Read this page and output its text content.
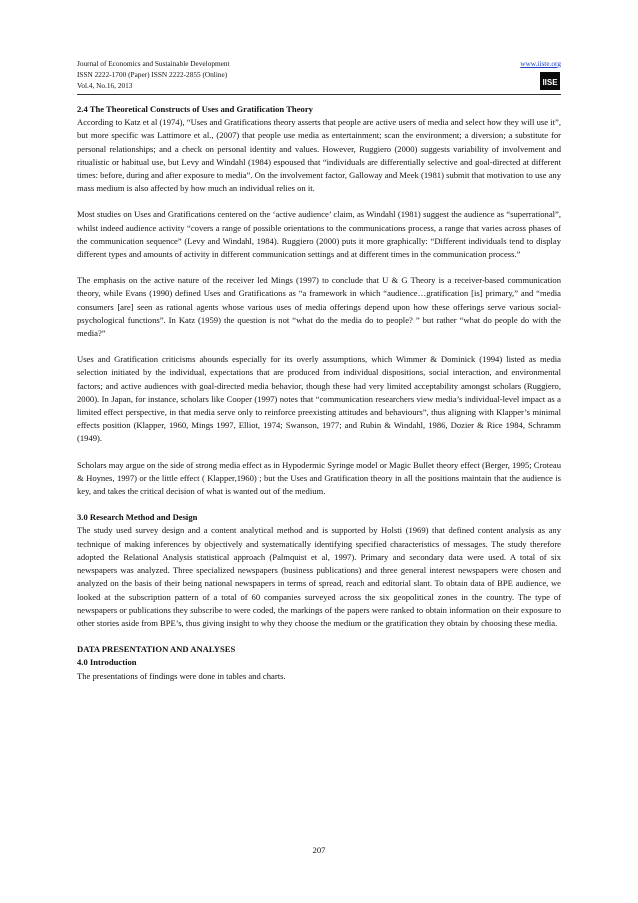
Journal of Economics and Sustainable Development
ISSN 2222-1700 (Paper) ISSN 2222-2855 (Online)
Vol.4, No.16, 2013
www.iiste.org
IISE
2.4 The Theoretical Constructs of Uses and Gratification Theory

According to Katz et al (1974), “Uses and Gratifications theory asserts that people are active users of media and select how they will use it”, but more specific was Lattimore et al., (2007) that people use media as entertainment; scan the environment; a diversion; a substitute for personal relationships; and a check on personal identity and values. However, Ruggiero (2000) suggests variability of involvement and ritualistic or habitual use, but Levy and Windahl (1984) espoused that “individuals are differentially selective and goal-directed at different times: before, during and after exposure to media”. On the involvement factor, Galloway and Meek (1981) submit that motivation to use any mass medium is also affected by how much an individual relies on it.

Most studies on Uses and Gratifications centered on the ‘active audience’ claim, as Windahl (1981) suggest the audience as “superrational”, whilst indeed audience activity “covers a range of possible orientations to the communications process, a range that varies across phases of the communication sequence” (Levy and Windahl, 1984). Ruggiero (2000) puts it more graphically: “Different individuals tend to display different types and amounts of activity in different communication settings and at different times in the communication process.”

The emphasis on the active nature of the receiver led Mings (1997) to conclude that U & G Theory is a receiver-based communication theory, while Evans (1990) defined Uses and Gratifications as “a framework in which “audience…gratification [is] primary,” and “media consumers [are] seen as rational agents whose various uses of media offerings depend upon how these offerings serve various social-psychological functions”. In Katz (1959) the question is not “what do the media do to people? ” but rather “what do people do with the media?”

Uses and Gratification criticisms abounds especially for its overly assumptions, which Wimmer & Dominick (1994) listed as media selection initiated by the individual, expectations that are produced from individual dispositions, social interaction, and environmental factors; and active audiences with goal-directed media behavior, though these had very limited acceptability amongst scholars (Ruggiero, 2000). In Japan, for instance, scholars like Cooper (1997) notes that “communication researchers view media’s individual-level impact as a limited effect perspective, in that media serve only to reinforce preexisting attitudes and behaviours”, thus aligning with Klapper’s minimal effects position (Klapper, 1960, Mings 1997, Elliot, 1974; Swanson, 1977; and Rubin & Windahl, 1986, Dozier & Rice 1984, Schramm (1949).

Scholars may argue on the side of strong media effect as in Hypodermic Syringe model or Magic Bullet theory effect (Berger, 1995; Croteau & Hoynes, 1997) or the little effect ( Klapper,1960) ; but the Uses and Gratification theory in all the positions maintain that the audience is key, and takes the critical decision of what is wanted out of the medium.

3.0 Research Method and Design

The study used survey design and a content analytical method and is supported by Holsti (1969) that defined content analysis as any technique of making inferences by objectively and systematically identifying specified characteristics of messages. The study therefore adopted the Relational Analysis statistical approach (Palmquist et al, 1997). Primary and secondary data were used. A total of six newspapers was analyzed. Three specialized newspapers (business publications) and three general interest newspapers were chosen and analyzed on the basis of their being national newspapers in terms of spread, reach and editorial slant. To obtain data of BPE audience, we looked at the subscription pattern of a total of 60 companies surveyed across the six geopolitical zones in the country. The type of newspapers or publications they subscribe to were coded, the markings of the papers were ranked to obtain information on their exposure to other stories aside from BPE’s, thus giving insight to why they choose the medium or the gratification they obtain by choosing these media.

DATA PRESENTATION AND ANALYSES
4.0 Introduction

The presentations of findings were done in tables and charts.

207
